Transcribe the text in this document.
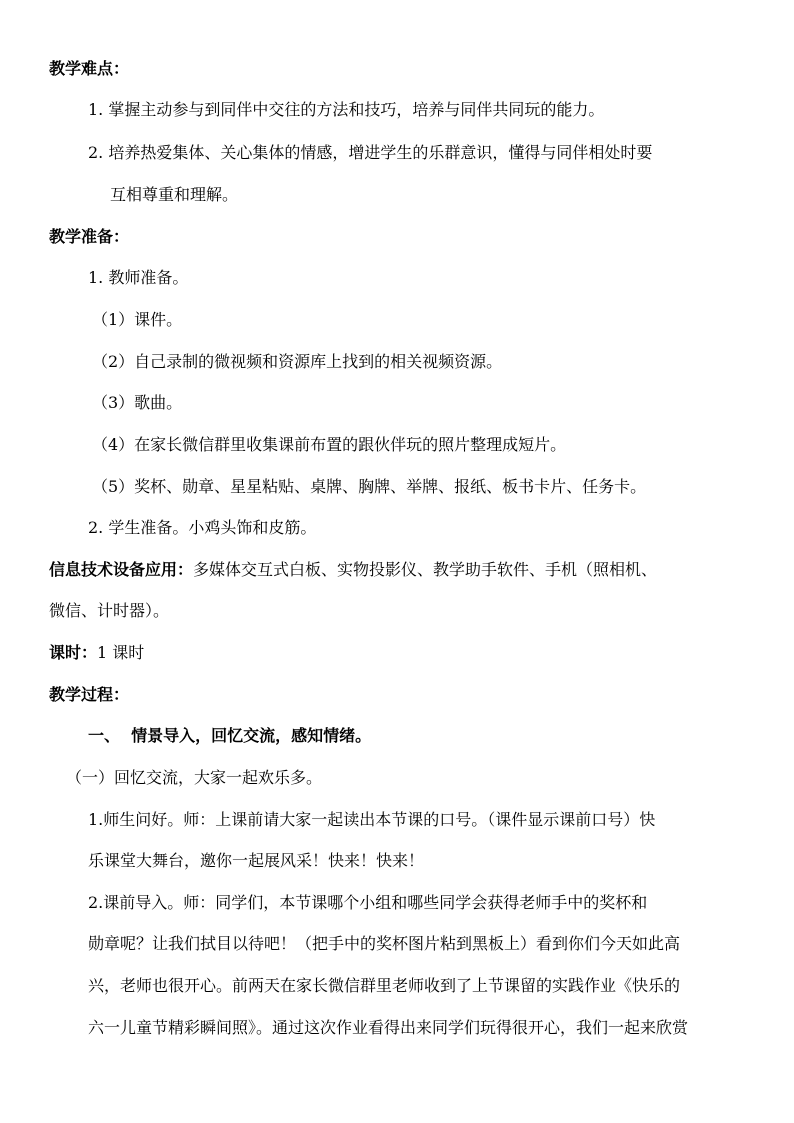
教学难点：
1. 掌握主动参与到同伴中交往的方法和技巧，培养与同伴共同玩的能力。
2. 培养热爱集体、关心集体的情感，增进学生的乐群意识，懂得与同伴相处时要
互相尊重和理解。
教学准备：
1. 教师准备。
（1）课件。
（2）自己录制的微视频和资源库上找到的相关视频资源。
（3）歌曲。
（4）在家长微信群里收集课前布置的跟伙伴玩的照片整理成短片。
（5）奖杯、勋章、星星粘贴、桌牌、胸牌、举牌、报纸、板书卡片、任务卡。
2. 学生准备。小鸡头饰和皮筋。
信息技术设备应用：多媒体交互式白板、实物投影仪、教学助手软件、手机（照相机、
微信、计时器）。
课时：1 课时
教学过程：
一、  情景导入，回忆交流，感知情绪。
（一）回忆交流，大家一起欢乐多。
1.师生问好。师：上课前请大家一起读出本节课的口号。（课件显示课前口号）快
乐课堂大舞台，邀你一起展风采！快来！快来！
2.课前导入。师：同学们，本节课哪个小组和哪些同学会获得老师手中的奖杯和
勋章呢？让我们拭目以待吧！（把手中的奖杯图片粘到黑板上）看到你们今天如此高
兴，老师也很开心。前两天在家长微信群里老师收到了上节课留的实践作业《快乐的
六一儿童节精彩瞬间照》。通过这次作业看得出来同学们玩得很开心，我们一起来欣赏
